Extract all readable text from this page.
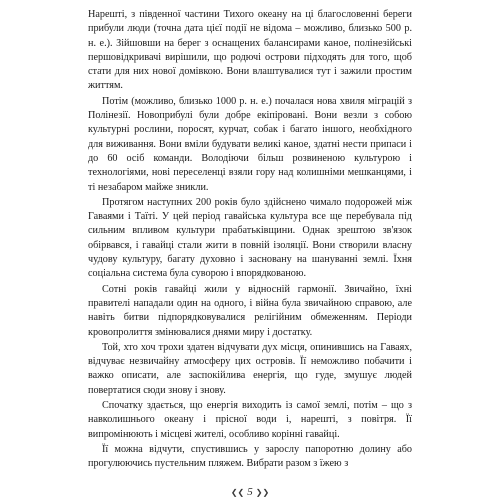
Нарешті, з південної частини Тихого океану на ці благословенні береги прибули люди (точна дата цієї події не відома – можливо, близько 500 р. н. е.). Зійшовши на берег з оснащених балансирами каное, полінезійські першовідкривачі вирішили, що родючі острови підходять для того, щоб стати для них нової домівкою. Вони влаштувалися тут і зажили простим життям.

Потім (можливо, близько 1000 р. н. е.) почалася нова хвиля міграцій з Полінезії. Новоприбулі були добре екіпіровані. Вони везли з собою культурні рослини, поросят, курчат, собак і багато іншого, необхідного для виживання. Вони вміли будувати великі каное, здатні нести припаси і до 60 осіб команди. Володіючи більш розвиненою культурою і технологіями, нові переселенці взяли гору над колишніми мешканцями, і ті незабаром майже зникли.

Протягом наступних 200 років було здійснено чимало подорожей між Гаваями і Таїті. У цей період гавайська культура все ще перебувала під сильним впливом культури прабатьківщини. Однак зрештою зв'язок обірвався, і гавайці стали жити в повній ізоляції. Вони створили власну чудову культуру, багату духовно і засновану на шануванні землі. Їхня соціальна система була суворою і впорядкованою.

Сотні років гавайці жили у відносній гармонії. Звичайно, їхні правителі нападали один на одного, і війна була звичайною справою, але навіть битви підпорядковувалися релігійним обмеженням. Періоди кровопролиття змінювалися днями миру і достатку.

Той, хто хоч трохи здатен відчувати дух місця, опинившись на Гаваях, відчуває незвичайну атмосферу цих островів. Її неможливо побачити і важко описати, але заспокійлива енергія, що гуде, змушує людей повертатися сюди знову і знову.

Спочатку здається, що енергія виходить із самої землі, потім – що з навколишнього океану і прісної води і, нарешті, з повітря. Її випромінюють і місцеві жителі, особливо корінні гавайці.

Її можна відчути, спустившись у зарослу папоротню долину або прогулюючись пустельним пляжем. Вибрати разом з їжею з

❮❮ 5 ❯❯
